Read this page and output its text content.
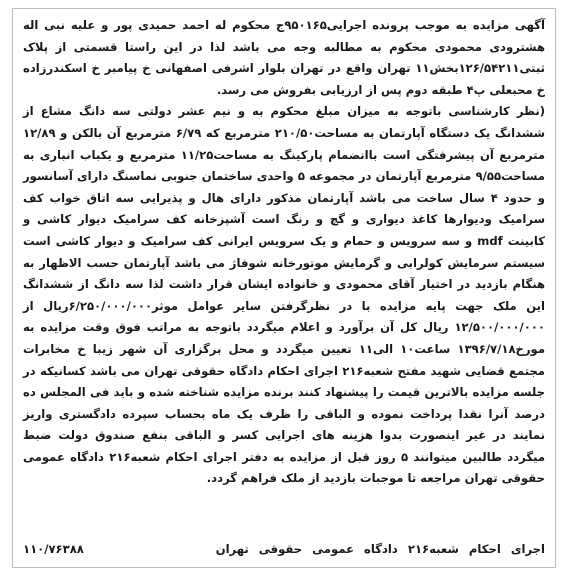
آگهی مزایده به موجب پرونده اجرایی۹۵۰۱۶۵ج محکوم له احمد حمیدی پور و علیه نبی اله هشترودی محمودی محکوم به مطالبه وجه می باشد لذا در این راستا قسمتی از پلاک ثبتی۱۲۶/۵۴۲۱۱بخش۱۱ تهران واقع در تهران بلوار اشرفی اصفهانی خ پیامبر خ اسکندرزاده خ محبعلی پ۴ طبقه دوم پس از ارزیابی بفروش می رسد.

(نظر کارشناسی باتوجه به میزان مبلغ محکوم به و نیم عشر دولتی سه دانگ مشاع از ششدانگ یک دستگاه آپارتمان به مساحت۲۱۰/۵۰ مترمربع که ۶/۷۹ مترمربع آن بالکن و ۱۲/۸۹ مترمربع آن پیشرفتگی است باانضمام پارکینگ به مساحت۱۱/۲۵ مترمربع و یکباب انباری به مساحت۹/۵۵ مترمربع آپارتمان در مجموعه ۵ واحدی ساختمان جنوبی نماسنگ دارای آسانسور و حدود ۴ سال ساخت می باشد آپارتمان مذکور دارای هال و پذیرایی سه اتاق خواب کف سرامیک ودیوارها کاغذ دیواری و گچ و رنگ است آشپزخانه کف سرامیک دیوار کاشی و کابینت mdf و سه سرویس و حمام و یک سرویس ایرانی کف سرامیک و دیوار کاشی است سیستم سرمایش کولرابی و گرمایش موتورخانه شوفاژ می باشد آپارتمان حسب الاظهار به هنگام بازدید در اختیار آقای محمودی و خانواده ایشان قرار داشت لذا سه دانگ از ششدانگ این ملک جهت پایه مزایده با در نظرگرفتن سایر عوامل موثر۶/۲۵۰/۰۰۰/۰۰۰ریال از ۱۲/۵۰۰/۰۰۰/۰۰۰ ریال کل آن برآورد و اعلام میگردد باتوجه به مراتب فوق وقت مزایده به مورخ۱۳۹۶/۷/۱۸ ساعت۱۰ الی۱۱ تعیین میگردد و محل برگزاری آن شهر زیبا خ مخابرات مجتمع قضایی شهید مفتح شعبه۲۱۶ اجرای احکام دادگاه حقوقی تهران می باشد کسانیکه در جلسه مزایده بالاترین قیمت را پیشنهاد کنند برنده مزایده شناخته شده و باید فی المجلس ده درصد آنرا نقدا پرداخت نموده و الباقی را ظرف یک ماه بحساب سپرده دادگستری واریز نمایند در غیر اینصورت بدوا هزینه های اجرایی کسر و الباقی بنفع صندوق دولت ضبط میگردد طالبین میتوانند ۵ روز قبل از مزایده به دفتر اجرای احکام شعبه۲۱۶ دادگاه عمومی حقوقی تهران مراجعه تا موجبات بازدید از ملک فراهم گردد.

اجرای احکام شعبه۲۱۶ دادگاه عمومی حقوقی تهران
۱۱۰/۷۶۳۸۸
